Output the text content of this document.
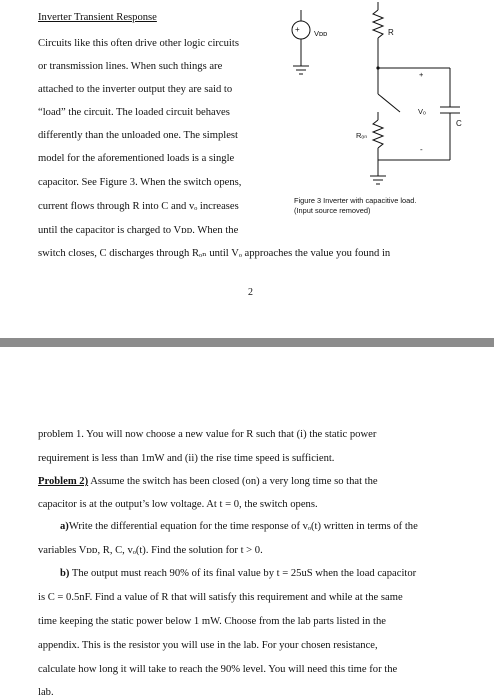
Inverter Transient Response
Circuits like this often drive other logic circuits
or transmission lines. When such things are
attached to the inverter output they are said to
“load” the circuit. The loaded circuit behaves
differently than the unloaded one. The simplest
model for the aforementioned loads is a single
capacitor. See Figure 3. When the switch opens,
current flows through R into C and vₒ increases
until the capacitor is charged to Vᴅᴅ. When the
switch closes, C discharges through Rₒₙ until Vₒ approaches the value you found in
+ Vᴅᴅ	R
+
Vₒ
C
Rₒₙ
-
Figure 3 Inverter with capacitive load.
(Input source removed)
2
problem 1. You will now choose a new value for R such that (i) the static power
requirement is less than 1mW and (ii) the rise time speed is sufficient.
Problem 2) Assume the switch has been closed (on) a very long time so that the
capacitor is at the output’s low voltage. At t = 0, the switch opens.
a)Write the differential equation for the time response of vₒ(t) written in terms of the
variables Vᴅᴅ, R, C, vₒ(t). Find the solution for t > 0.
b) The output must reach 90% of its final value by t = 25uS when the load capacitor
is C = 0.5nF. Find a value of R that will satisfy this requirement and while at the same
time keeping the static power below 1 mW. Choose from the lab parts listed in the
appendix. This is the resistor you will use in the lab. For your chosen resistance,
calculate how long it will take to reach the 90% level. You will need this time for the
lab.
